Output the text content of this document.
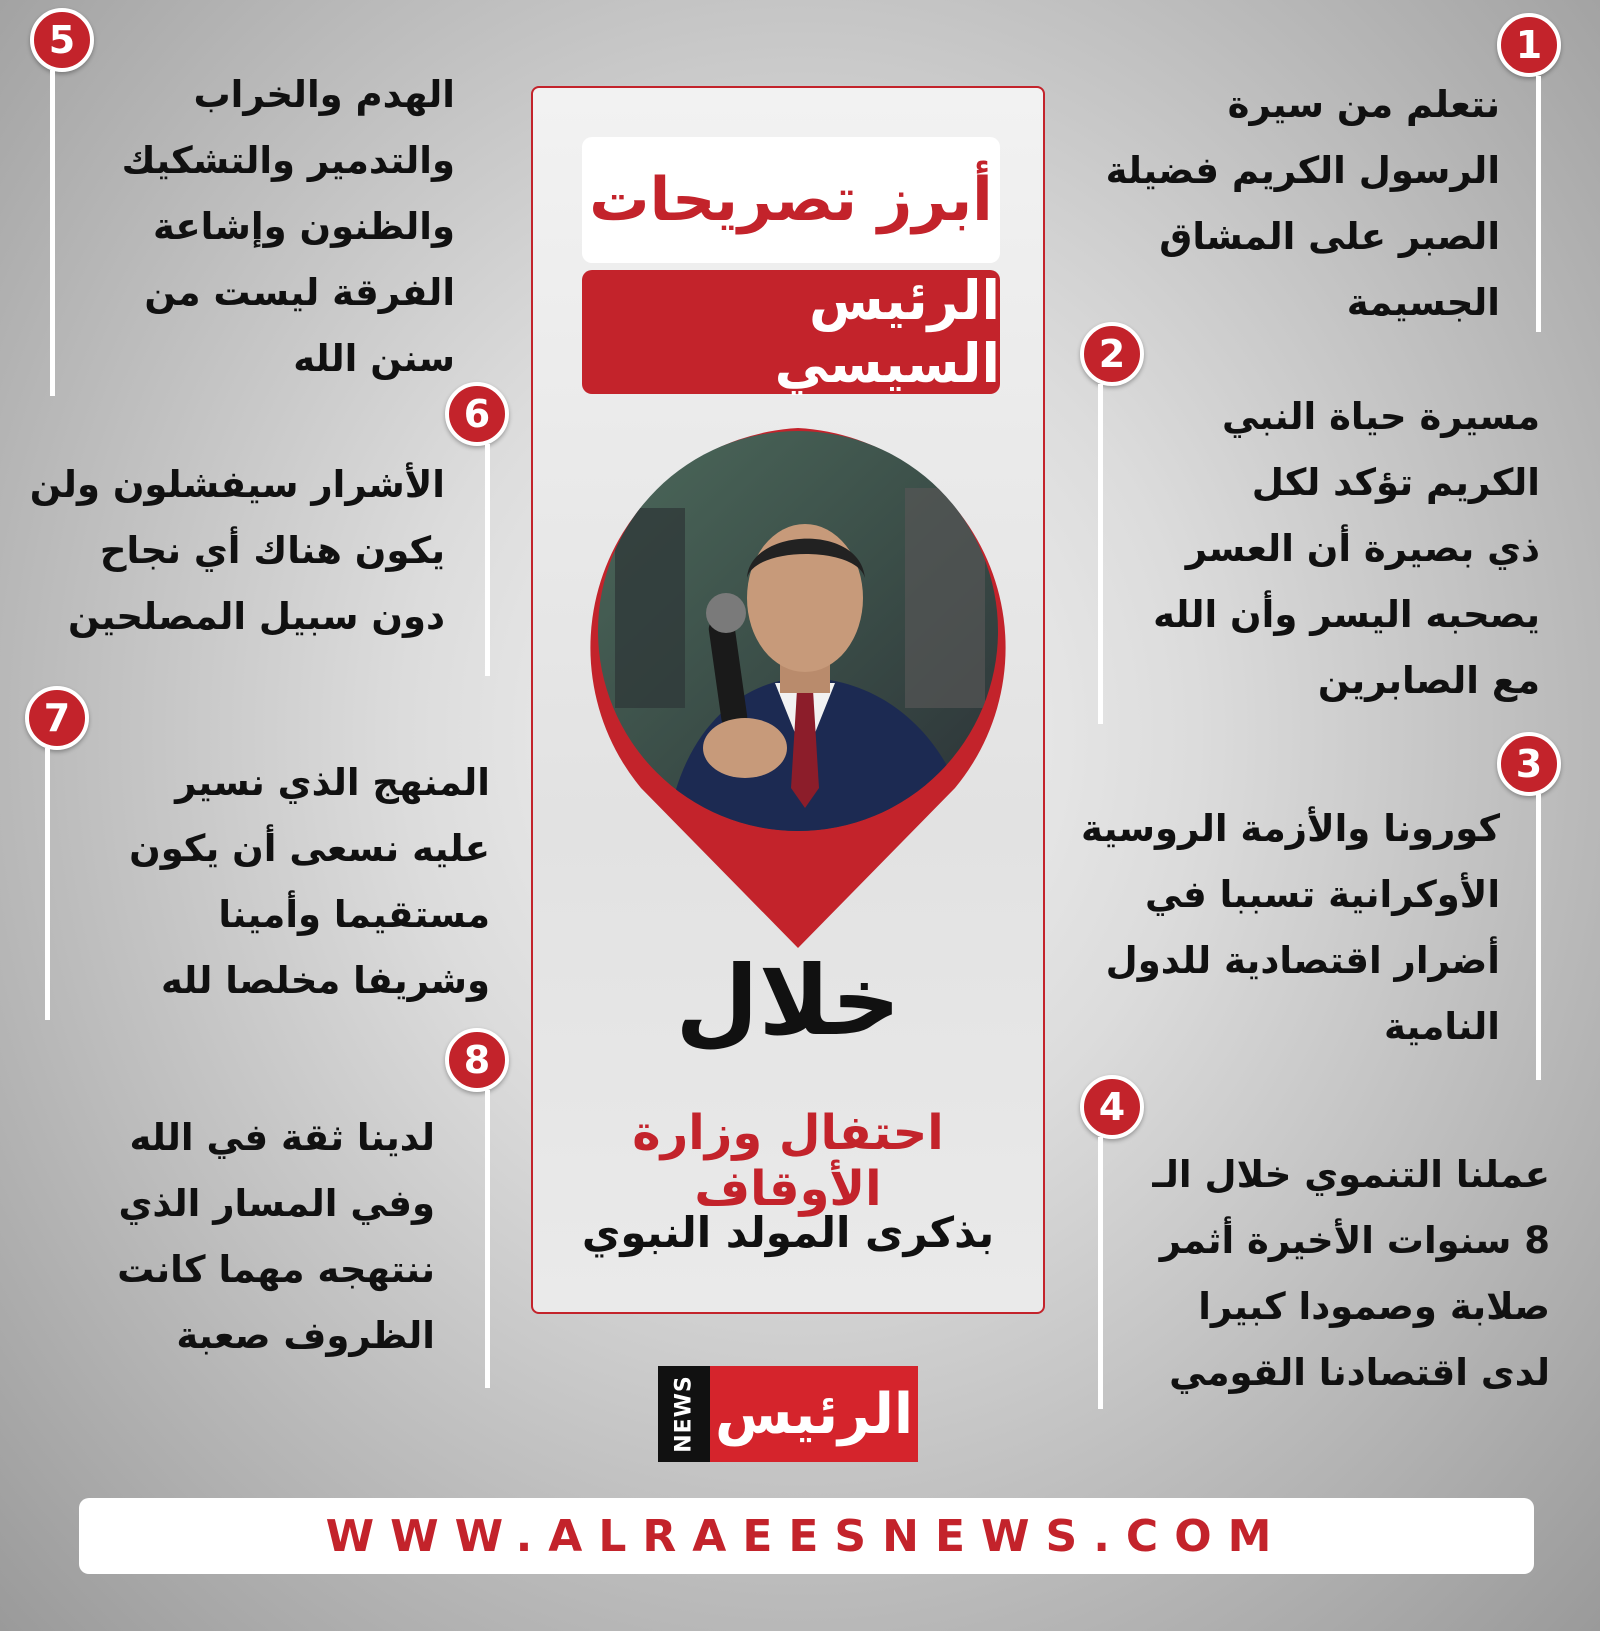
1
نتعلم من سيرة
الرسول الكريم فضيلة
الصبر على المشاق
الجسيمة
2
مسيرة حياة النبي
الكريم تؤكد لكل
ذي بصيرة أن العسر
يصحبه اليسر وأن الله
مع الصابرين
3
كورونا والأزمة الروسية
الأوكرانية تسببا في
أضرار اقتصادية للدول
النامية
4
عملنا التنموي خلال الـ
8 سنوات الأخيرة أثمر
صلابة وصمودا كبيرا
لدى اقتصادنا القومي
5
الهدم والخراب
والتدمير والتشكيك
والظنون وإشاعة
الفرقة ليست من
سنن الله
6
الأشرار سيفشلون ولن
يكون هناك أي نجاح
دون سبيل المصلحين
7
المنهج الذي نسير
عليه نسعى أن يكون
مستقيما وأمينا
وشريفا مخلصا لله
8
لدينا ثقة في الله
وفي المسار الذي
ننتهجه مهما كانت
الظروف صعبة
أبرز تصريحات
الرئيس السيسي
خلال
احتفال وزارة الأوقاف
بذكرى المولد النبوي
NEWS الرئيس
WWW.ALRAEESNEWS.COM
